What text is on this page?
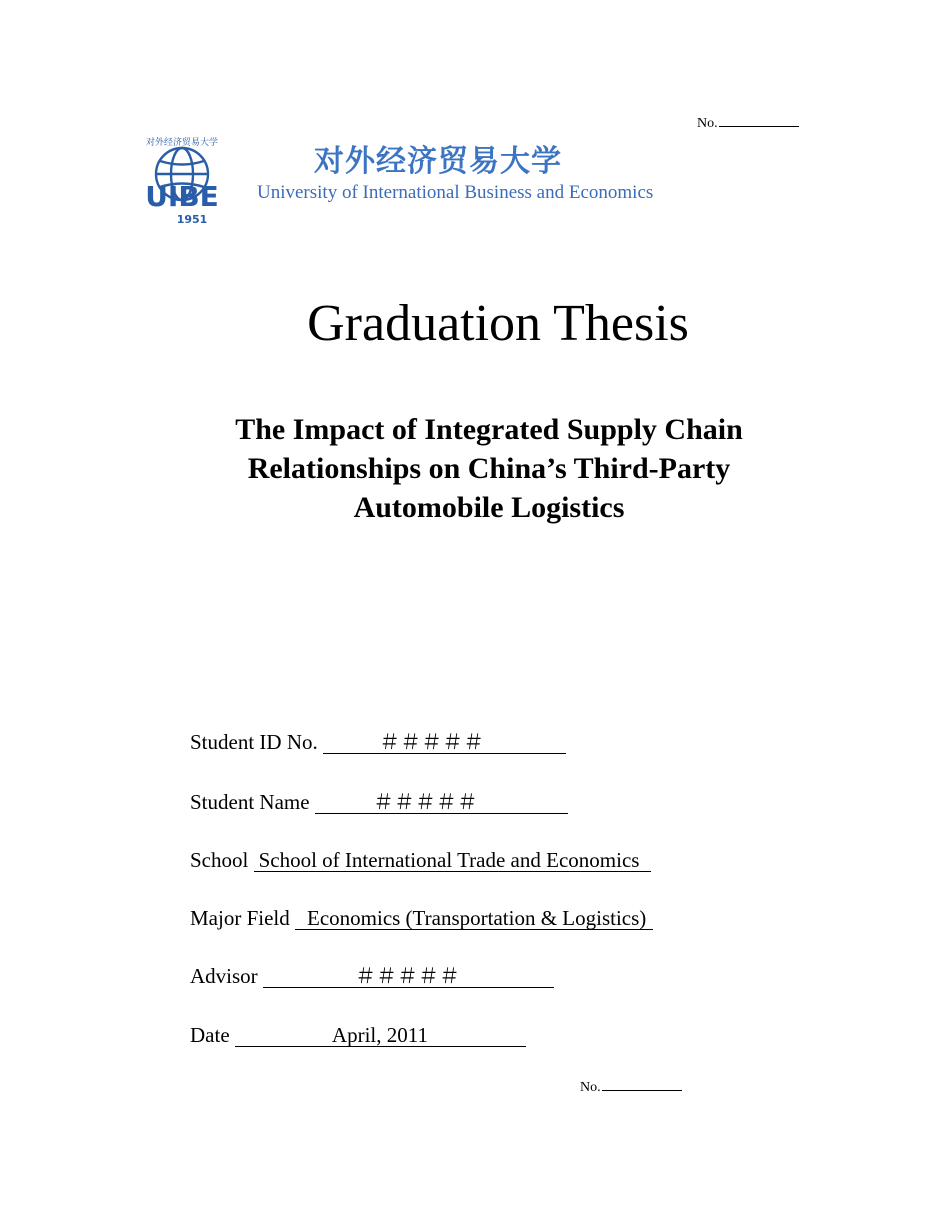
No.
对外经济贸易大学
UIBE
1951
对外经济贸易大学
University of International Business and Economics
Graduation Thesis
The Impact of Integrated Supply Chain
Relationships on China’s Third-Party
Automobile Logistics
Student ID No.	＃＃＃＃＃
Student Name	＃＃＃＃＃
School School of International Trade and Economics
Major Field Economics (Transportation & Logistics)
Advisor	＃＃＃＃＃
Date	April, 2011
No.
